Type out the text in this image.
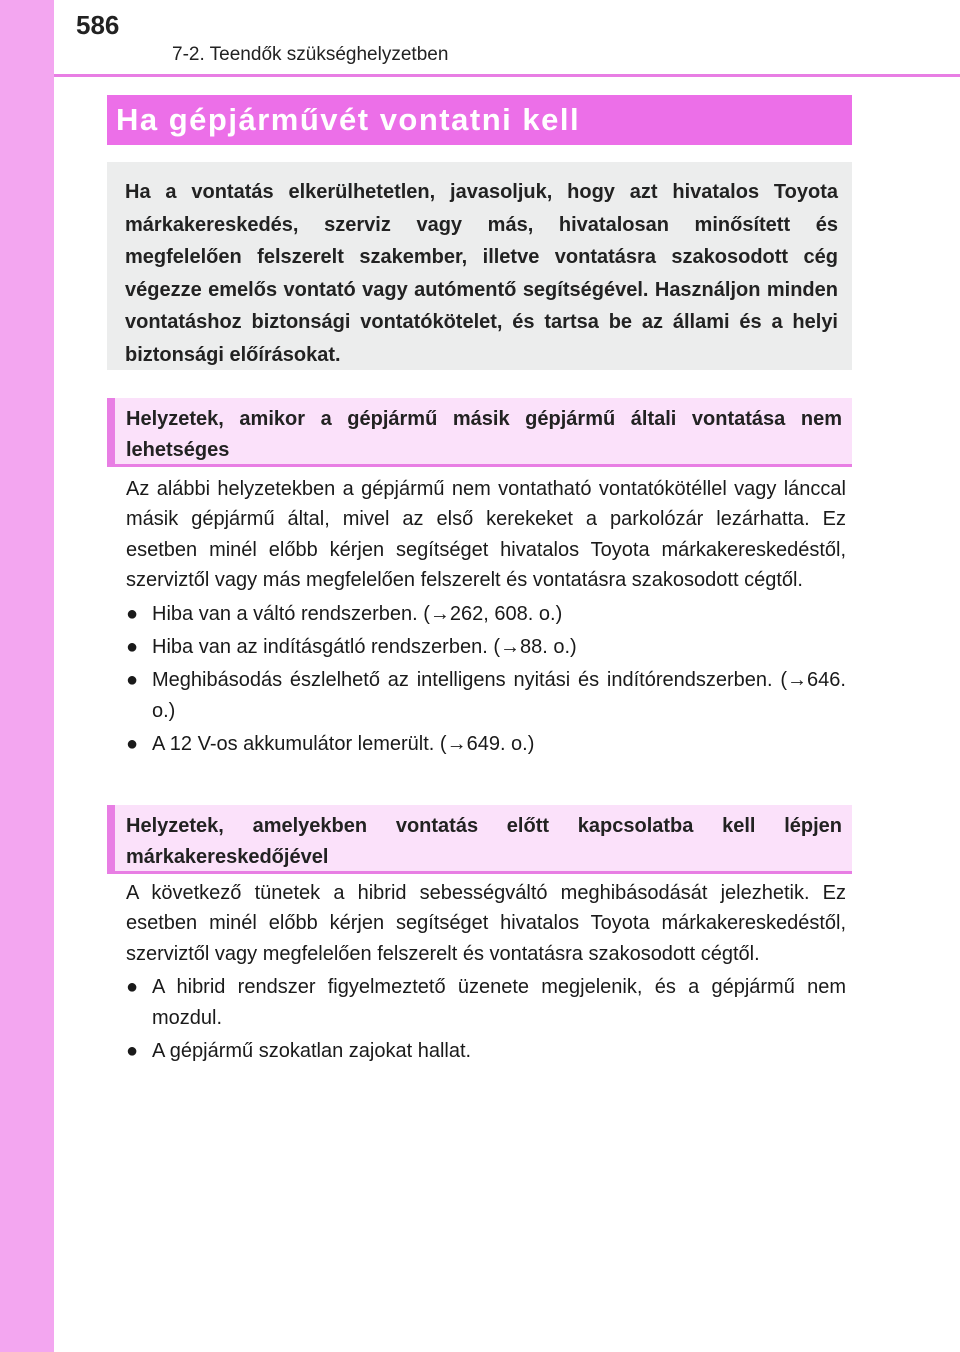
586
7-2. Teendők szükséghelyzetben
Ha gépjárművét vontatni kell

Ha a vontatás elkerülhetetlen, javasoljuk, hogy azt hivatalos Toyota márkakereskedés, szerviz vagy más, hivatalosan minősített és megfelelően felszerelt szakember, illetve vontatásra szakosodott cég végezze emelős vontató vagy autómentő segítségével. Használjon minden vontatáshoz biztonsági vontatókötelet, és tartsa be az állami és a helyi biztonsági előírásokat.

Helyzetek, amikor a gépjármű másik gépjármű általi vontatása nem lehetséges

Az alábbi helyzetekben a gépjármű nem vontatható vontatókötéllel vagy lánccal másik gépjármű által, mivel az első kerekeket a parkolózár lezárhatta. Ez esetben minél előbb kérjen segítséget hivatalos Toyota márkakereskedéstől, szerviztől vagy más megfelelően felszerelt és vontatásra szakosodott cégtől.

● Hiba van a váltó rendszerben. (→262, 608. o.)
● Hiba van az indításgátló rendszerben. (→88. o.)
● Meghibásodás észlelhető az intelligens nyitási és indítórendszerben. (→646. o.)
● A 12 V-os akkumulátor lemerült. (→649. o.)

Helyzetek, amelyekben vontatás előtt kapcsolatba kell lépjen márkakereskedőjével

A következő tünetek a hibrid sebességváltó meghibásodását jelezhetik. Ez esetben minél előbb kérjen segítséget hivatalos Toyota márkakereskedéstől, szerviztől vagy megfelelően felszerelt és vontatásra szakosodott cégtől.

● A hibrid rendszer figyelmeztető üzenete megjelenik, és a gépjármű nem mozdul.
● A gépjármű szokatlan zajokat hallat.
